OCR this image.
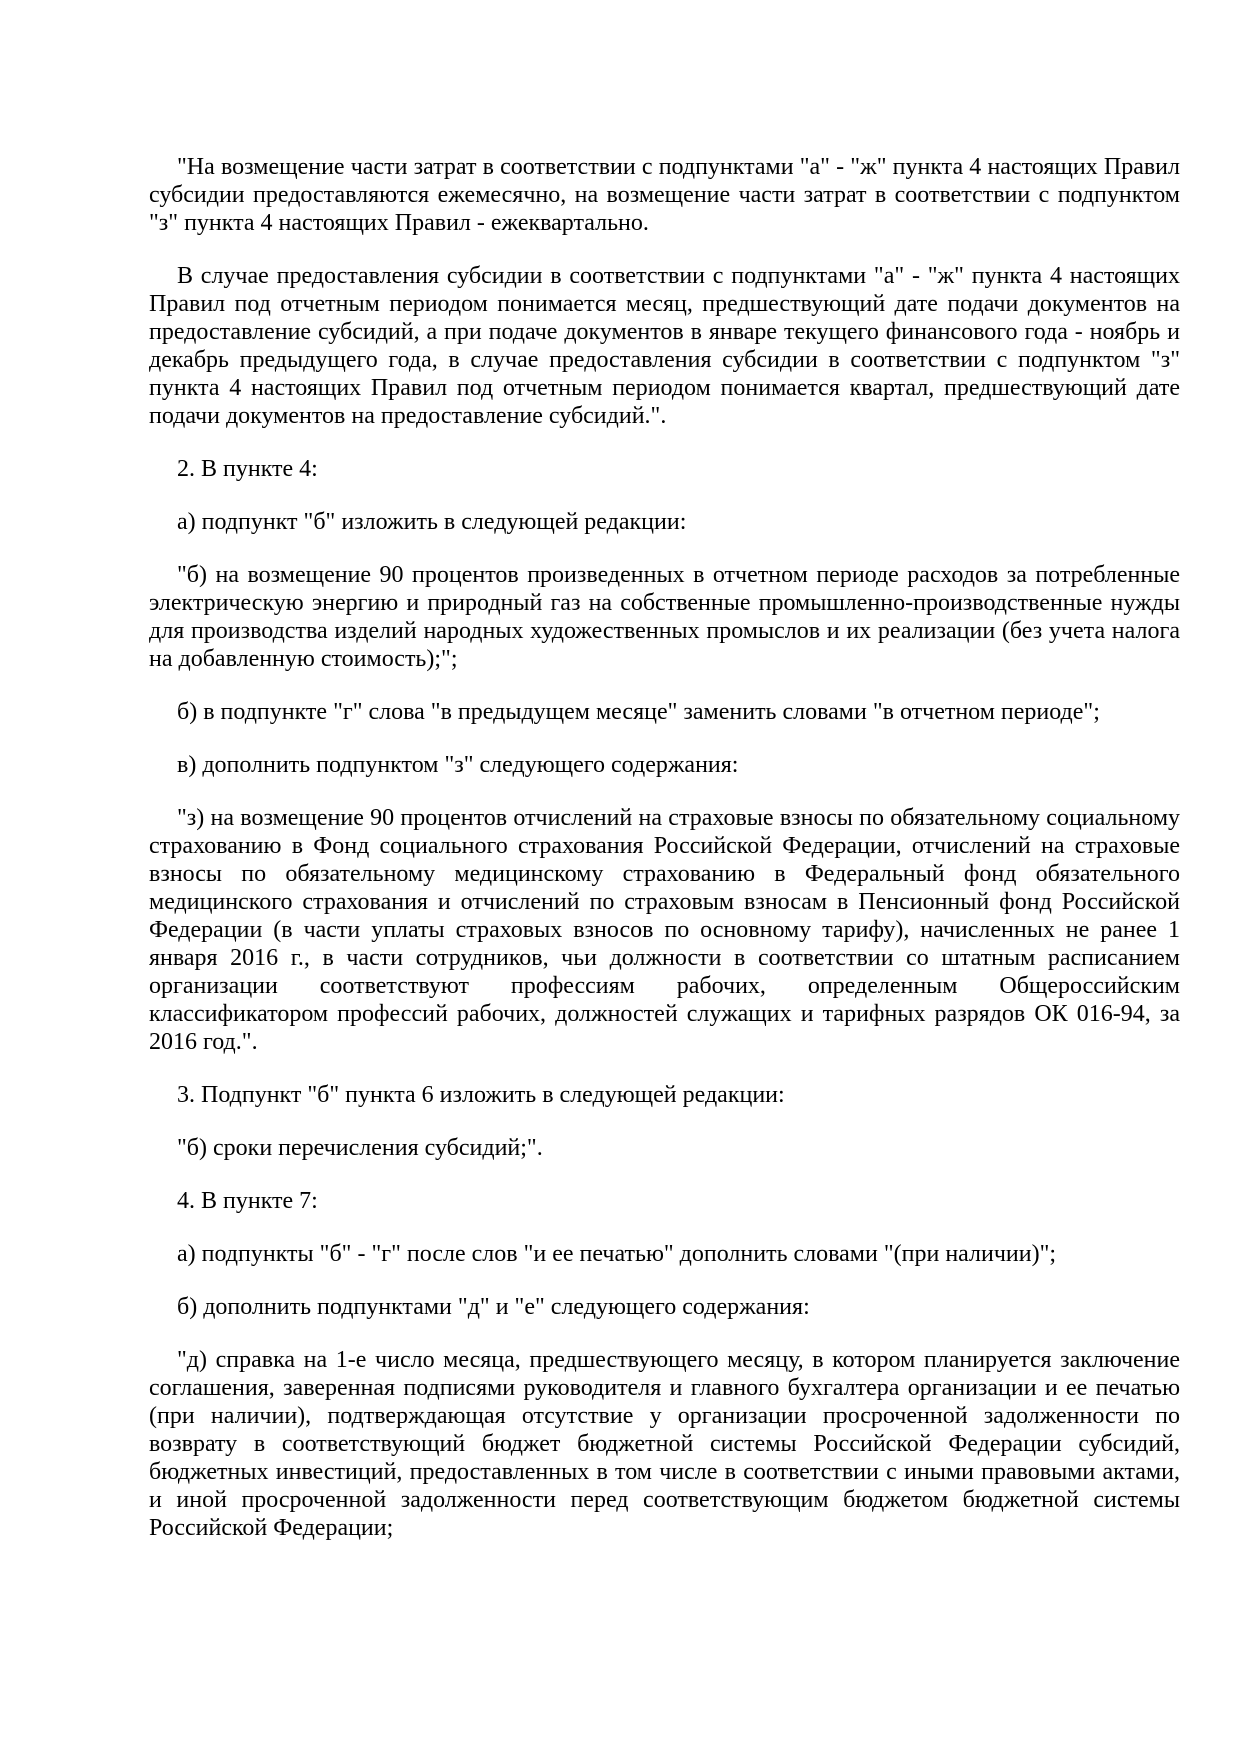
"На возмещение части затрат в соответствии с подпунктами "а" - "ж" пункта 4 настоящих Правил субсидии предоставляются ежемесячно, на возмещение части затрат в соответствии с подпунктом "з" пункта 4 настоящих Правил - ежеквартально.

В случае предоставления субсидии в соответствии с подпунктами "а" - "ж" пункта 4 настоящих Правил под отчетным периодом понимается месяц, предшествующий дате подачи документов на предоставление субсидий, а при подаче документов в январе текущего финансового года - ноябрь и декабрь предыдущего года, в случае предоставления субсидии в соответствии с подпунктом "з" пункта 4 настоящих Правил под отчетным периодом понимается квартал, предшествующий дате подачи документов на предоставление субсидий.".

2. В пункте 4:

а) подпункт "б" изложить в следующей редакции:

"б) на возмещение 90 процентов произведенных в отчетном периоде расходов за потребленные электрическую энергию и природный газ на собственные промышленно-производственные нужды для производства изделий народных художественных промыслов и их реализации (без учета налога на добавленную стоимость);";

б) в подпункте "г" слова "в предыдущем месяце" заменить словами "в отчетном периоде";

в) дополнить подпунктом "з" следующего содержания:

"з) на возмещение 90 процентов отчислений на страховые взносы по обязательному социальному страхованию в Фонд социального страхования Российской Федерации, отчислений на страховые взносы по обязательному медицинскому страхованию в Федеральный фонд обязательного медицинского страхования и отчислений по страховым взносам в Пенсионный фонд Российской Федерации (в части уплаты страховых взносов по основному тарифу), начисленных не ранее 1 января 2016 г., в части сотрудников, чьи должности в соответствии со штатным расписанием организации соответствуют профессиям рабочих, определенным Общероссийским классификатором профессий рабочих, должностей служащих и тарифных разрядов ОК 016-94, за 2016 год.".

3. Подпункт "б" пункта 6 изложить в следующей редакции:

"б) сроки перечисления субсидий;".

4. В пункте 7:

а) подпункты "б" - "г" после слов "и ее печатью" дополнить словами "(при наличии)";

б) дополнить подпунктами "д" и "е" следующего содержания:

"д) справка на 1-е число месяца, предшествующего месяцу, в котором планируется заключение соглашения, заверенная подписями руководителя и главного бухгалтера организации и ее печатью (при наличии), подтверждающая отсутствие у организации просроченной задолженности по возврату в соответствующий бюджет бюджетной системы Российской Федерации субсидий, бюджетных инвестиций, предоставленных в том числе в соответствии с иными правовыми актами, и иной просроченной задолженности перед соответствующим бюджетом бюджетной системы Российской Федерации;
